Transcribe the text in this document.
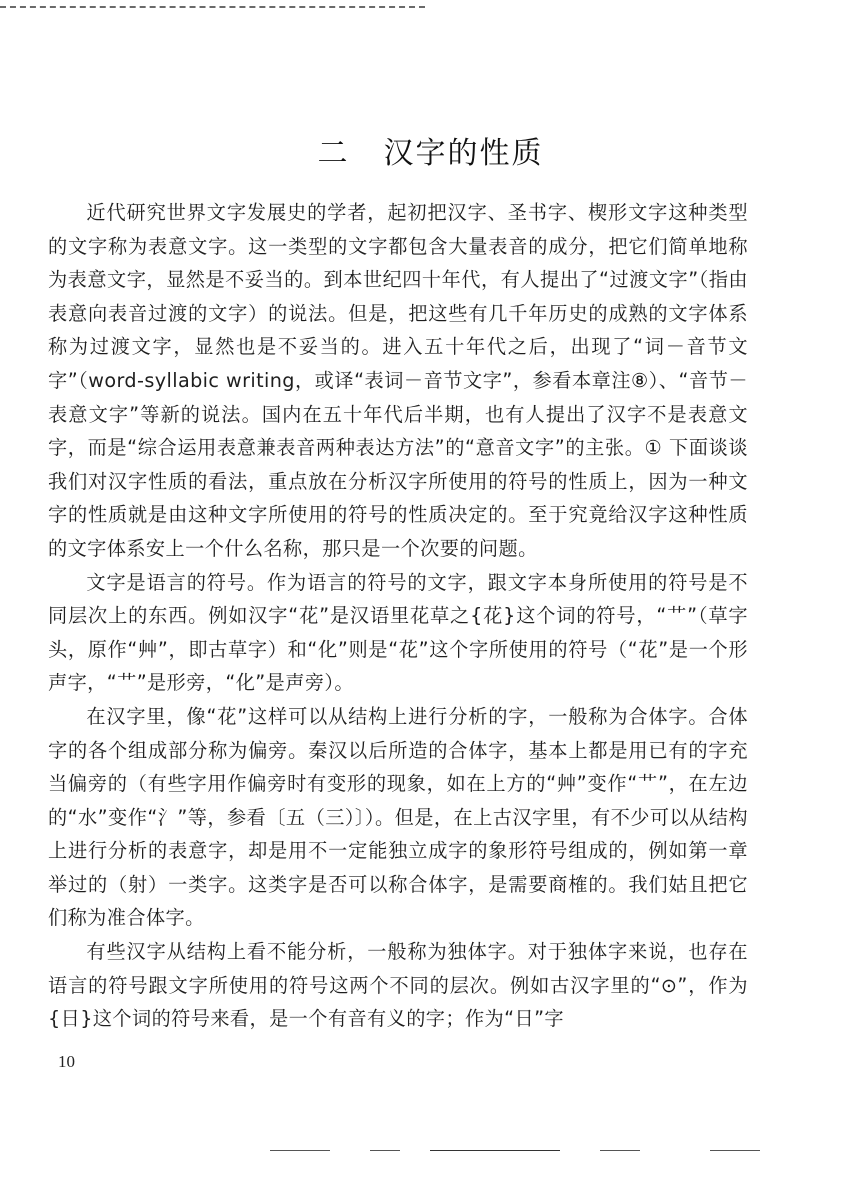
二 汉字的性质

近代研究世界文字发展史的学者，起初把汉字、圣书字、楔形文字这种类型的文字称为表意文字。这一类型的文字都包含大量表音的成分，把它们简单地称为表意文字，显然是不妥当的。到本世纪四十年代，有人提出了“过渡文字”（指由表意向表音过渡的文字）的说法。但是，把这些有几千年历史的成熟的文字体系称为过渡文字，显然也是不妥当的。进入五十年代之后，出现了“词－音节文字”（word-syllabic writing，或译“表词－音节文字”，参看本章注⑧）、“音节－表意文字”等新的说法。国内在五十年代后半期，也有人提出了汉字不是表意文字，而是“综合运用表意兼表音两种表达方法”的“意音文字”的主张。① 下面谈谈我们对汉字性质的看法，重点放在分析汉字所使用的符号的性质上，因为一种文字的性质就是由这种文字所使用的符号的性质决定的。至于究竟给汉字这种性质的文字体系安上一个什么名称，那只是一个次要的问题。

文字是语言的符号。作为语言的符号的文字，跟文字本身所使用的符号是不同层次上的东西。例如汉字“花”是汉语里花草之{花}这个词的符号，“艹”（草字头，原作“艸”，即古草字）和“化”则是“花”这个字所使用的符号（“花”是一个形声字，“艹”是形旁，“化”是声旁）。

在汉字里，像“花”这样可以从结构上进行分析的字，一般称为合体字。合体字的各个组成部分称为偏旁。秦汉以后所造的合体字，基本上都是用已有的字充当偏旁的（有些字用作偏旁时有变形的现象，如在上方的“艸”变作“艹”，在左边的“水”变作“氵”等，参看〔五（三）〕）。但是，在上古汉字里，有不少可以从结构上进行分析的表意字，却是用不一定能独立成字的象形符号组成的，例如第一章举过的（射）一类字。这类字是否可以称合体字，是需要商榷的。我们姑且把它们称为准合体字。

有些汉字从结构上看不能分析，一般称为独体字。对于独体字来说，也存在语言的符号跟文字所使用的符号这两个不同的层次。例如古汉字里的“⊙”，作为{日}这个词的符号来看，是一个有音有义的字；作为“日”字

10
